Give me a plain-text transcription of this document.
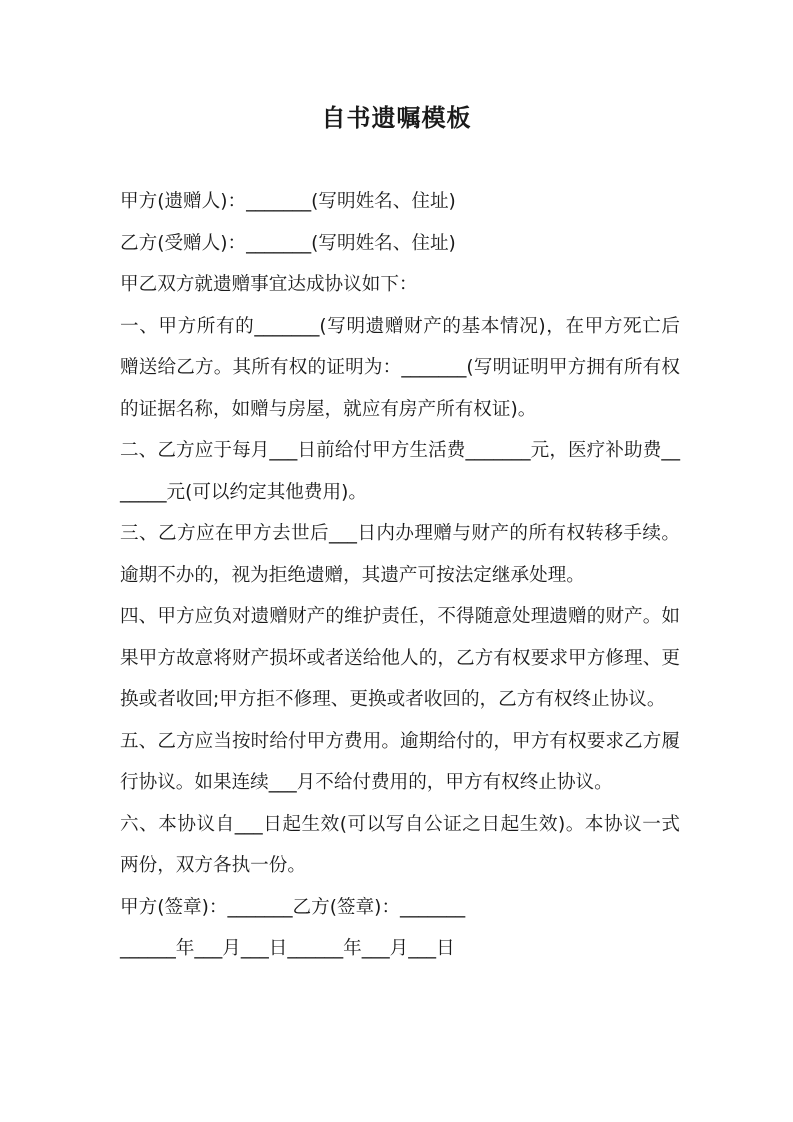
自书遗嘱模板

甲方(遗赠人)：_______(写明姓名、住址)

乙方(受赠人)：_______(写明姓名、住址)

甲乙双方就遗赠事宜达成协议如下：

一、甲方所有的_______(写明遗赠财产的基本情况)，在甲方死亡后赠送给乙方。其所有权的证明为：_______(写明证明甲方拥有所有权的证据名称，如赠与房屋，就应有房产所有权证)。

二、乙方应于每月___日前给付甲方生活费_______元，医疗补助费_______元(可以约定其他费用)。

三、乙方应在甲方去世后___日内办理赠与财产的所有权转移手续。逾期不办的，视为拒绝遗赠，其遗产可按法定继承处理。

四、甲方应负对遗赠财产的维护责任，不得随意处理遗赠的财产。如果甲方故意将财产损坏或者送给他人的，乙方有权要求甲方修理、更换或者收回;甲方拒不修理、更换或者收回的，乙方有权终止协议。

五、乙方应当按时给付甲方费用。逾期给付的，甲方有权要求乙方履行协议。如果连续___月不给付费用的，甲方有权终止协议。

六、本协议自___日起生效(可以写自公证之日起生效)。本协议一式两份，双方各执一份。

甲方(签章)：_______乙方(签章)：_______

______年___月___日______年___月___日
